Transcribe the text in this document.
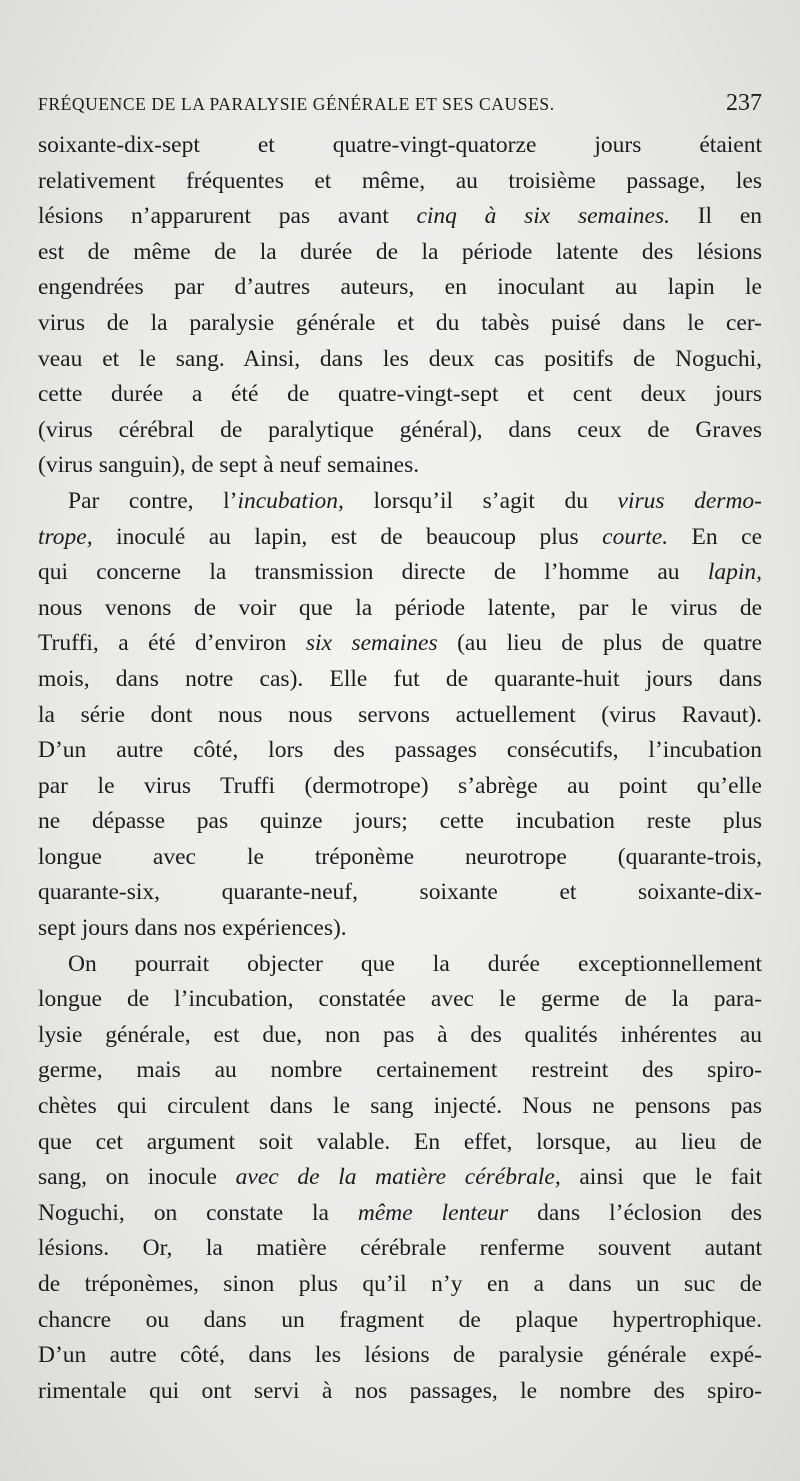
FRÉQUENCE DE LA PARALYSIE GÉNÉRALE ET SES CAUSES.	237
soixante-dix-sept et quatre-vingt-quatorze jours étaient
relativement fréquentes et même, au troisième passage, les
lésions n’apparurent pas avant cinq à six semaines. Il en
est de même de la durée de la période latente des lésions
engendrées par d’autres auteurs, en inoculant au lapin le
virus de la paralysie générale et du tabès puisé dans le cer-
veau et le sang. Ainsi, dans les deux cas positifs de Noguchi,
cette durée a été de quatre-vingt-sept et cent deux jours
(virus cérébral de paralytique général), dans ceux de Graves
(virus sanguin), de sept à neuf semaines.
Par contre, l’incubation, lorsqu’il s’agit du virus dermo-
trope, inoculé au lapin, est de beaucoup plus courte. En ce
qui concerne la transmission directe de l’homme au lapin,
nous venons de voir que la période latente, par le virus de
Truffi, a été d’environ six semaines (au lieu de plus de quatre
mois, dans notre cas). Elle fut de quarante-huit jours dans
la série dont nous nous servons actuellement (virus Ravaut).
D’un autre côté, lors des passages consécutifs, l’incubation
par le virus Truffi (dermotrope) s’abrège au point qu’elle
ne dépasse pas quinze jours; cette incubation reste plus
longue avec le tréponème neurotrope (quarante-trois,
quarante-six, quarante-neuf, soixante et soixante-dix-
sept jours dans nos expériences).
On pourrait objecter que la durée exceptionnellement
longue de l’incubation, constatée avec le germe de la para-
lysie générale, est due, non pas à des qualités inhérentes au
germe, mais au nombre certainement restreint des spiro-
chètes qui circulent dans le sang injecté. Nous ne pensons pas
que cet argument soit valable. En effet, lorsque, au lieu de
sang, on inocule avec de la matière cérébrale, ainsi que le fait
Noguchi, on constate la même lenteur dans l’éclosion des
lésions. Or, la matière cérébrale renferme souvent autant
de tréponèmes, sinon plus qu’il n’y en a dans un suc de
chancre ou dans un fragment de plaque hypertrophique.
D’un autre côté, dans les lésions de paralysie générale expé-
rimentale qui ont servi à nos passages, le nombre des spiro-
